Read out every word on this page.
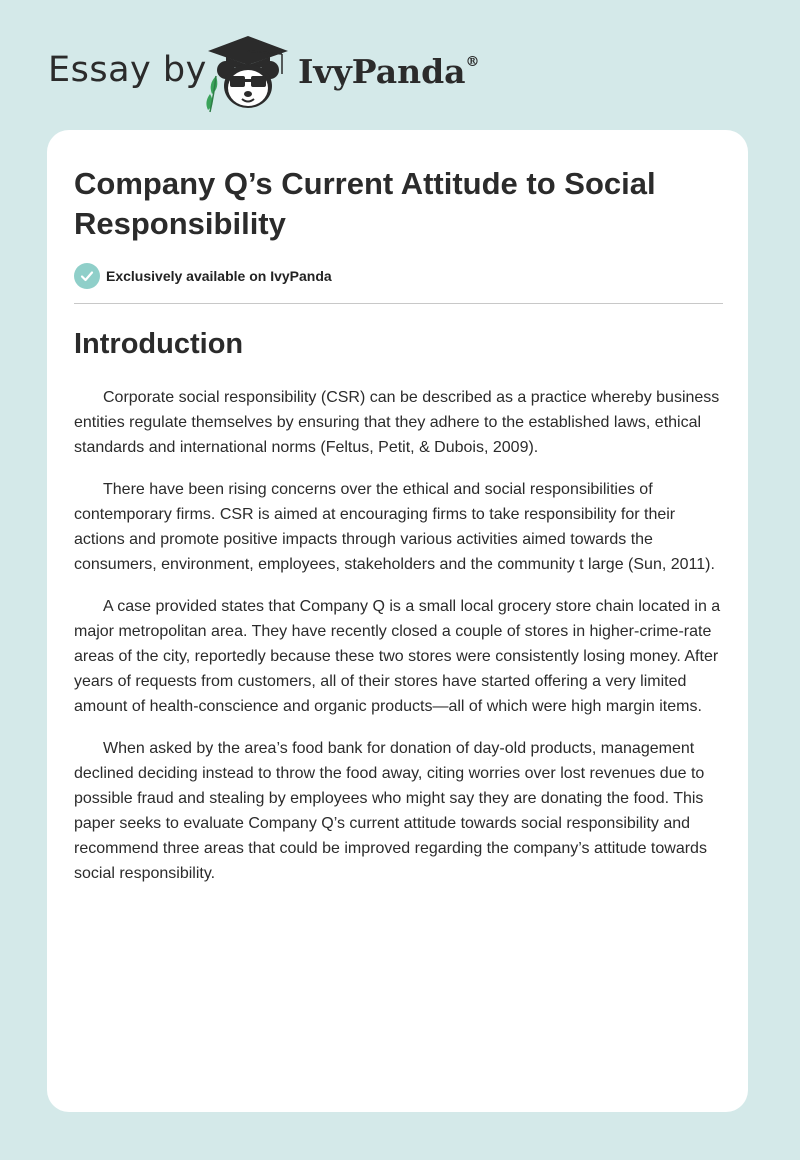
Essay by	IvyPanda®
Company Q’s Current Attitude to Social Responsibility
Exclusively available on IvyPanda
Introduction

Corporate social responsibility (CSR) can be described as a practice whereby business entities regulate themselves by ensuring that they adhere to the established laws, ethical standards and international norms (Feltus, Petit, & Dubois, 2009).

There have been rising concerns over the ethical and social responsibilities of contemporary firms. CSR is aimed at encouraging firms to take responsibility for their actions and promote positive impacts through various activities aimed towards the consumers, environment, employees, stakeholders and the community t large (Sun, 2011).

A case provided states that Company Q is a small local grocery store chain located in a major metropolitan area. They have recently closed a couple of stores in higher-crime-rate areas of the city, reportedly because these two stores were consistently losing money. After years of requests from customers, all of their stores have started offering a very limited amount of health-conscience and organic products—all of which were high margin items.

When asked by the area’s food bank for donation of day-old products, management declined deciding instead to throw the food away, citing worries over lost revenues due to possible fraud and stealing by employees who might say they are donating the food. This paper seeks to evaluate Company Q’s current attitude towards social responsibility and recommend three areas that could be improved regarding the company’s attitude towards social responsibility.
